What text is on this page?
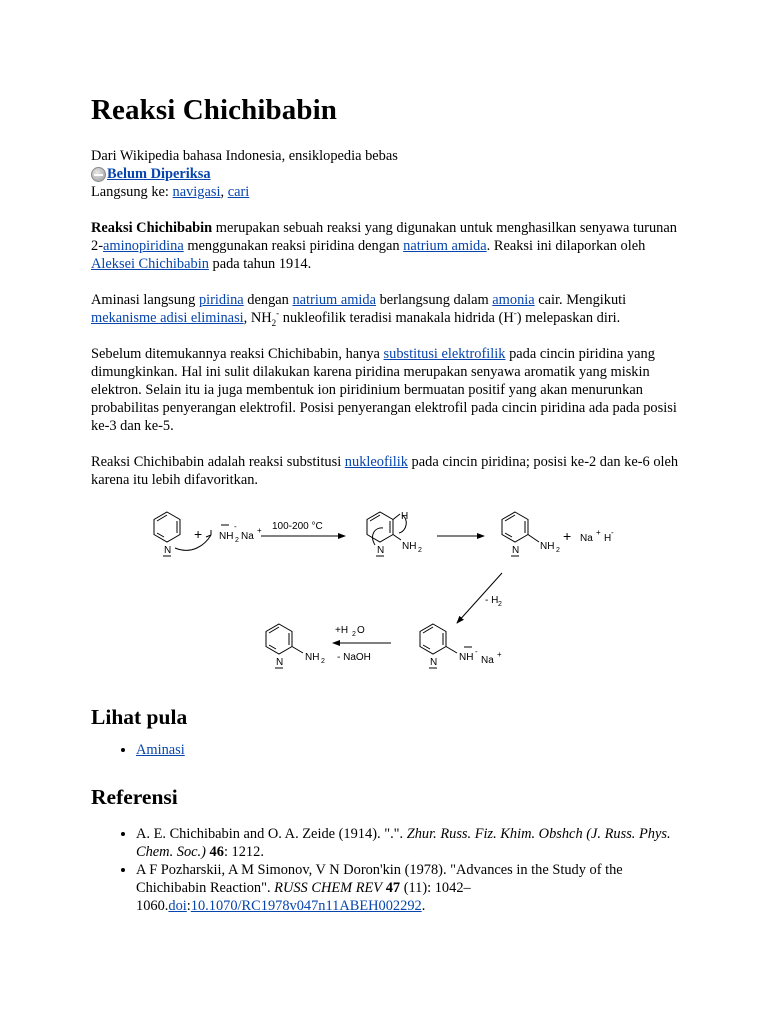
Reaksi Chichibabin

Dari Wikipedia bahasa Indonesia, ensiklopedia bebas

Belum Diperiksa

Langsung ke: navigasi, cari

Reaksi Chichibabin merupakan sebuah reaksi yang digunakan untuk menghasilkan senyawa turunan 2-aminopiridina menggunakan reaksi piridina dengan natrium amida. Reaksi ini dilaporkan oleh Aleksei Chichibabin pada tahun 1914.

Aminasi langsung piridina dengan natrium amida berlangsung dalam amonia cair. Mengikuti mekanisme adisi eliminasi, $NH_2^-$ nukleofilik teradisi manakala hidrida (H-) melepaskan diri.

Sebelum ditemukannya reaksi Chichibabin, hanya substitusi elektrofilik pada cincin piridina yang dimungkinkan. Hal ini sulit dilakukan karena piridina merupakan senyawa aromatik yang miskin elektron. Selain itu ia juga membentuk ion piridinium bermuatan positif yang akan menurunkan probabilitas penyerangan elektrofil. Posisi penyerangan elektrofil pada cincin piridina ada pada posisi ke-3 dan ke-5.

Reaksi Chichibabin adalah reaksi substitusi nukleofilik pada cincin piridina; posisi ke-2 dan ke-6 oleh karena itu lebih difavoritkan.

N
+ NH 2
-
Na
+ 100-200 °C
N
H
NH 2	N NH 2
+ Na
+
H
-
- H 2
N NH
-
Na
+
+H 2 O
- NaOH
N NH 2
Lihat pula
• Aminasi
Referensi
• A. E. Chichibabin and O. A. Zeide (1914). ".". Zhur. Russ. Fiz. Khim. Obshch (J. Russ. Phys. Chem. Soc.) 46: 1212.
• A F Pozharskii, A M Simonov, V N Doron'kin (1978). "Advances in the Study of the Chichibabin Reaction". RUSS CHEM REV 47 (11): 1042–1060.doi:10.1070/RC1978v047n11ABEH002292.
